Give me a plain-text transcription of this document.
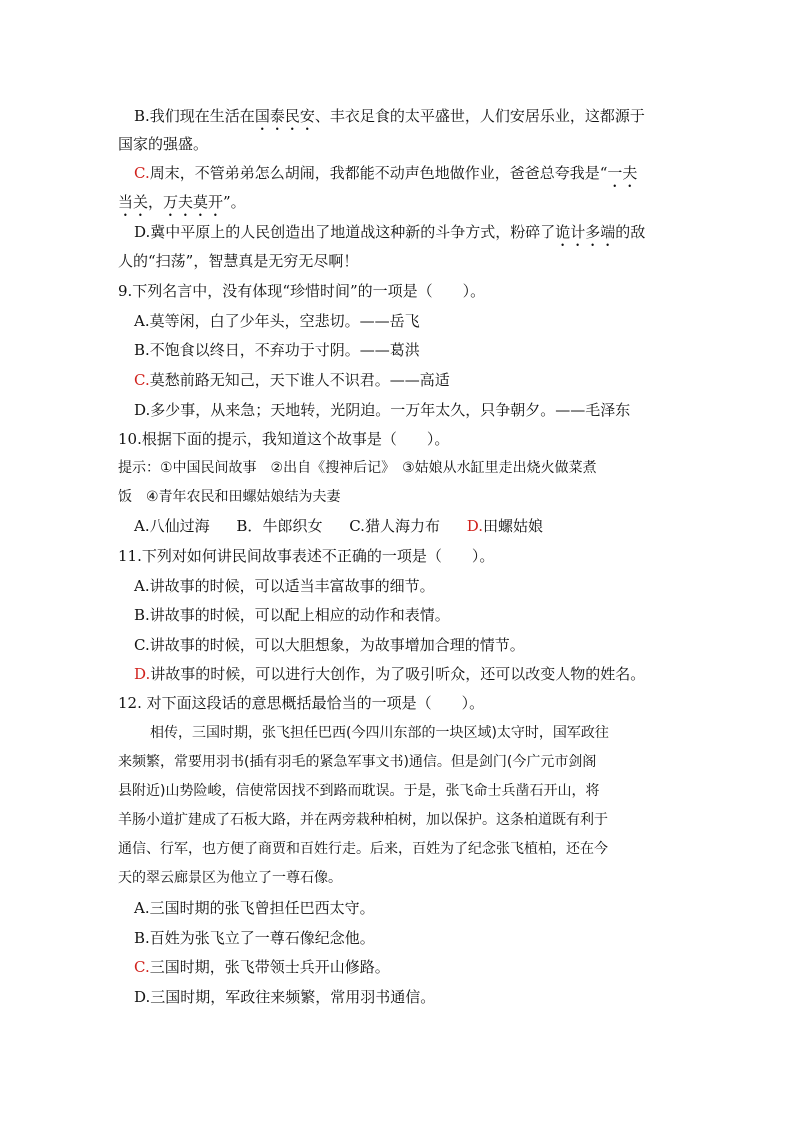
B.我们现在生活在国泰民安、丰衣足食的太平盛世，人们安居乐业，这都源于
国家的强盛。
C.周末，不管弟弟怎么胡闹，我都能不动声色地做作业，爸爸总夸我是“一夫
当关，万夫莫开”。
D.冀中平原上的人民创造出了地道战这种新的斗争方式，粉碎了诡计多端的敌
人的“扫荡”，智慧真是无穷无尽啊！
9.下列名言中，没有体现“珍惜时间”的一项是（　　）。
A.莫等闲，白了少年头，空悲切。——岳飞
B.不饱食以终日，不弃功于寸阴。——葛洪
C.莫愁前路无知己，天下谁人不识君。——高适
D.多少事，从来急；天地转，光阴迫。一万年太久，只争朝夕。——毛泽东
10.根据下面的提示，我知道这个故事是（　　）。
提示：①中国民间故事　②出自《搜神后记》　③姑娘从水缸里走出烧火做菜煮
饭　④青年农民和田螺姑娘结为夫妻
A.八仙过海 B．牛郎织女 C.猎人海力布 D.田螺姑娘
11.下列对如何讲民间故事表述不正确的一项是（　　）。
A.讲故事的时候，可以适当丰富故事的细节。
B.讲故事的时候，可以配上相应的动作和表情。
C.讲故事的时候，可以大胆想象，为故事增加合理的情节。
D.讲故事的时候，可以进行大创作，为了吸引听众，还可以改变人物的姓名。
12. 对下面这段话的意思概括最恰当的一项是（　　）。
相传，三国时期，张飞担任巴西(今四川东部的一块区域)太守时，国军政往
来频繁，常要用羽书(插有羽毛的紧急军事文书)通信。但是剑门(今广元市剑阁
县附近)山势险峻，信使常因找不到路而耽误。于是，张飞命士兵凿石开山，将
羊肠小道扩建成了石板大路，并在两旁栽种柏树，加以保护。这条柏道既有利于
通信、行军，也方便了商贾和百姓行走。后来，百姓为了纪念张飞植柏，还在今
天的翠云廊景区为他立了一尊石像。
A.三国时期的张飞曾担任巴西太守。
B.百姓为张飞立了一尊石像纪念他。
C.三国时期，张飞带领士兵开山修路。
D.三国时期，军政往来频繁，常用羽书通信。
